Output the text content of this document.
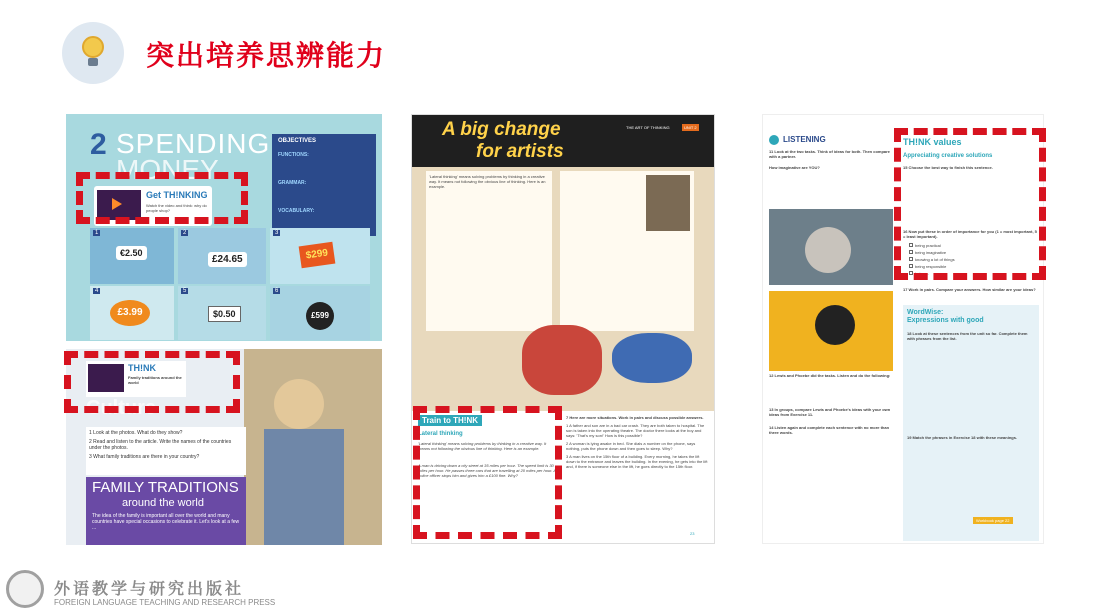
突出培养思辨能力
2 SPENDING
MONEY
Get TH!NKING
Watch the video and think: why do people shop?
OBJECTIVES
FUNCTIONS:
GRAMMAR:
VOCABULARY:
1
€2.50
2
£24.65
3
$299
4
£3.99
5
$0.50
6
£599
TH!NK
Family traditions around the world
Culture
1 Look at the photos. What do they show?
2 Read and listen to the article. Write the names of the countries under the photos.
3 What family traditions are there in your country?
FAMILY TRADITIONS
around the world
The idea of the family is important all over the world and many countries have special occasions to celebrate it. Let's look at a few ...
A big change
for artists
THE ART OF THINKING	UNIT 2
'Lateral thinking' means solving problems by thinking in a creative way. It means not following the obvious line of thinking. Here is an example.
Train to TH!NK
Lateral thinking
'Lateral thinking' means solving problems by thinking in a creative way. It means not following the obvious line of thinking. Here is an example.
A man is driving down a city street at 35 miles per hour. The speed limit is 30 miles per hour. He passes three cars that are travelling at 20 miles per hour. A police officer stops him and gives him a £100 fine. Why?
7 Here are more situations. Work in pairs and discuss possible answers.
1 A father and son are in a bad car crash. They are both taken to hospital. The son is taken into the operating theatre. The doctor there looks at the boy and says: 'That's my son!' How is this possible?
2 A woman is lying awake in bed. She dials a number on the phone, says nothing, puts the phone down and then goes to sleep. Why?
3 A man lives on the 15th floor of a building. Every morning, he takes the lift down to the entrance and leaves the building. In the evening, he gets into the lift and, if there is someone else in the lift, he goes directly to the 15th floor.
23
LISTENING
11 Look at the two tasks. Think of ideas for both. Then compare with a partner.
How imaginative are YOU?
12 Lewis and Phoebe did the tasks. Listen and do the following:
13 In groups, compare Lewis and Phoebe's ideas with your own ideas from Exercise 11.
14 Listen again and complete each sentence with no more than three words.
TH!NK values
Appreciating creative solutions
15 Choose the best way to finish this sentence.
16 Now put these in order of importance for you (1 = most important, 5 = least important).
being practical
being imaginative
knowing a lot of things
being responsible
being ...
17 Work in pairs. Compare your answers. How similar are your ideas?
WordWise:
Expressions with good
18 Look at these sentences from the unit so far. Complete them with phrases from the list.
19 Match the phrases in Exercise 18 with these meanings.
Workbook page 22
外语教学与研究出版社
FOREIGN LANGUAGE TEACHING AND RESEARCH PRESS
